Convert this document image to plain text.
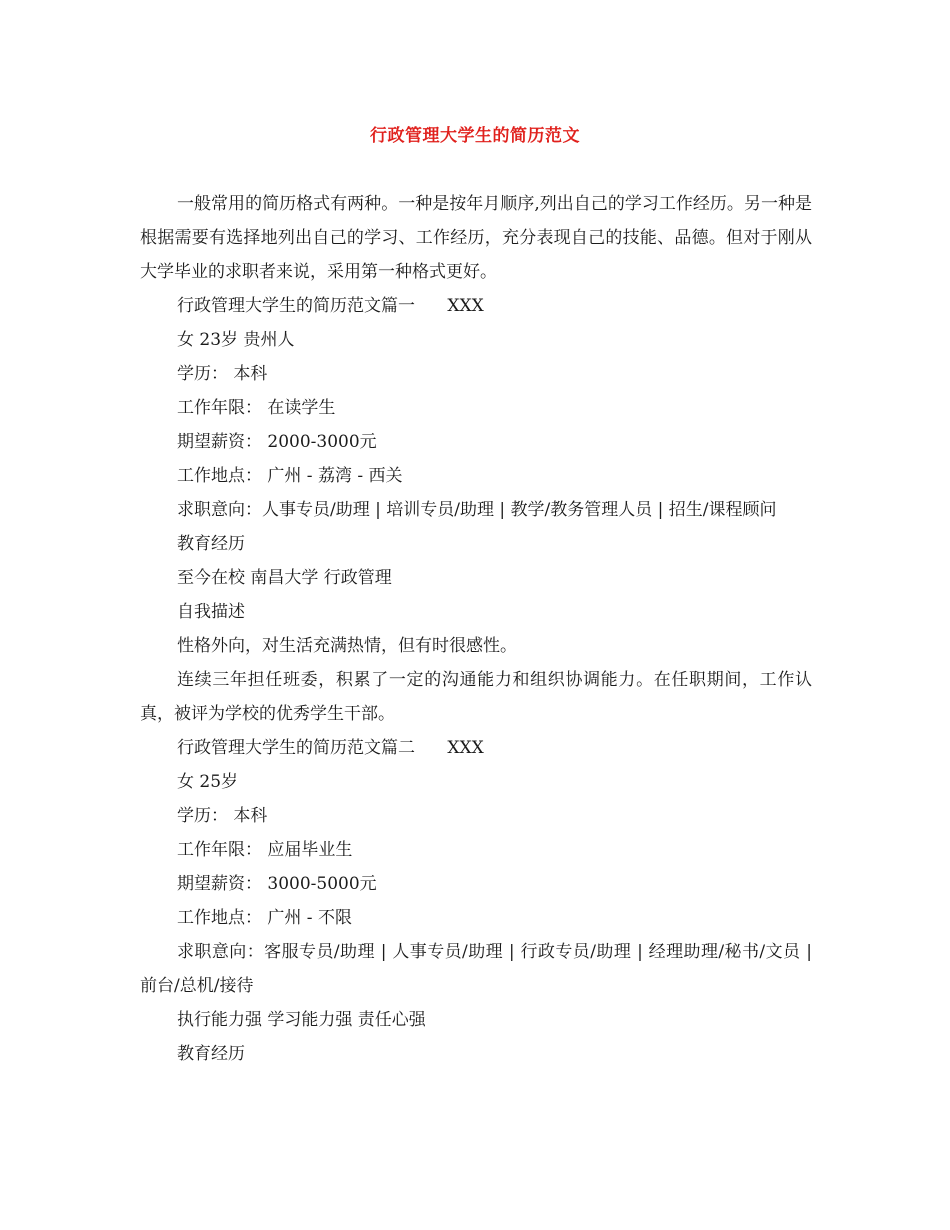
行政管理大学生的简历范文

一般常用的简历格式有两种。一种是按年月顺序,列出自己的学习工作经历。另一种是根据需要有选择地列出自己的学习、工作经历，充分表现自己的技能、品德。但对于刚从大学毕业的求职者来说，采用第一种格式更好。

行政管理大学生的简历范文篇一      XXX

女 23岁 贵州人

学历： 本科

工作年限： 在读学生

期望薪资： 2000-3000元

工作地点： 广州 - 荔湾 - 西关

求职意向：人事专员/助理 | 培训专员/助理 | 教学/教务管理人员 | 招生/课程顾问

教育经历

至今在校 南昌大学 行政管理

自我描述

性格外向，对生活充满热情，但有时很感性。

连续三年担任班委，积累了一定的沟通能力和组织协调能力。在任职期间，工作认真，被评为学校的优秀学生干部。

行政管理大学生的简历范文篇二      XXX

女 25岁

学历： 本科

工作年限： 应届毕业生

期望薪资： 3000-5000元

工作地点： 广州 - 不限

求职意向：客服专员/助理 | 人事专员/助理 | 行政专员/助理 | 经理助理/秘书/文员 | 前台/总机/接待

执行能力强 学习能力强 责任心强

教育经历
